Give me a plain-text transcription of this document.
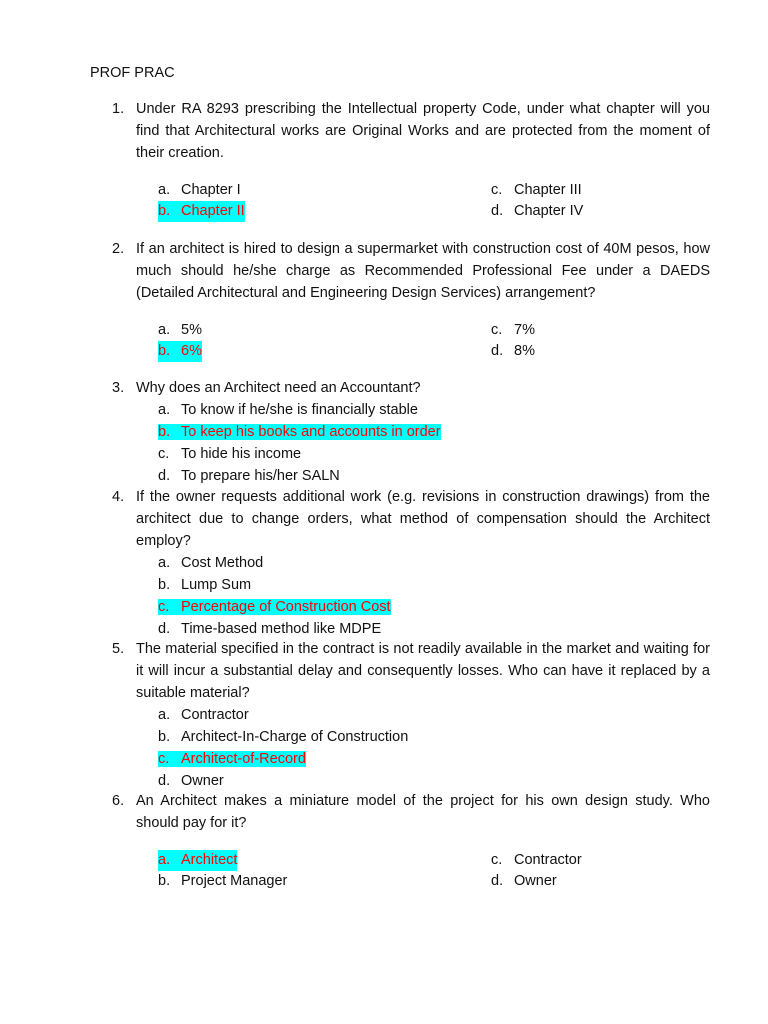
PROF PRAC
1. Under RA 8293 prescribing the Intellectual property Code, under what chapter will you find that Architectural works are Original Works and are protected from the moment of their creation.
a. Chapter I
b. Chapter II
c. Chapter III
d. Chapter IV
2. If an architect is hired to design a supermarket with construction cost of 40M pesos, how much should he/she charge as Recommended Professional Fee under a DAEDS (Detailed Architectural and Engineering Design Services) arrangement?
a. 5%
b. 6%
c. 7%
d. 8%
3. Why does an Architect need an Accountant?
a. To know if he/she is financially stable
b. To keep his books and accounts in order
c. To hide his income
d. To prepare his/her SALN
4. If the owner requests additional work (e.g. revisions in construction drawings) from the architect due to change orders, what method of compensation should the Architect employ?
a. Cost Method
b. Lump Sum
c. Percentage of Construction Cost
d. Time-based method like MDPE
5. The material specified in the contract is not readily available in the market and waiting for it will incur a substantial delay and consequently losses. Who can have it replaced by a suitable material?
a. Contractor
b. Architect-In-Charge of Construction
c. Architect-of-Record
d. Owner
6. An Architect makes a miniature model of the project for his own design study. Who should pay for it?
a. Architect
b. Project Manager
c. Contractor
d. Owner
